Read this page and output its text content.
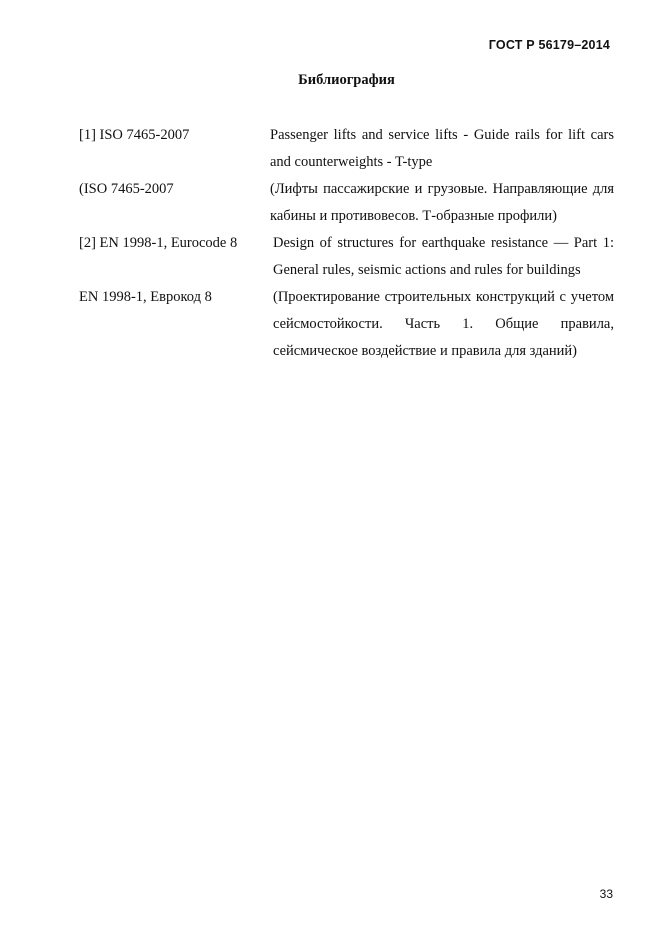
ГОСТ Р 56179–2014
Библиография
[1] ISO 7465-2007	Passenger lifts and service lifts - Guide rails for lift cars and counterweights - T-type
(ISO 7465-2007	(Лифты пассажирские и грузовые. Направляющие для кабины и противовесов. Т-образные профили)
[2] EN 1998-1, Eurocode 8	Design of structures for earthquake resistance — Part 1: General rules, seismic actions and rules for buildings
EN 1998-1, Еврокод 8	(Проектирование строительных конструкций с учетом сейсмостойкости. Часть 1. Общие правила, сейсмическое воздействие и правила для зданий)
33
